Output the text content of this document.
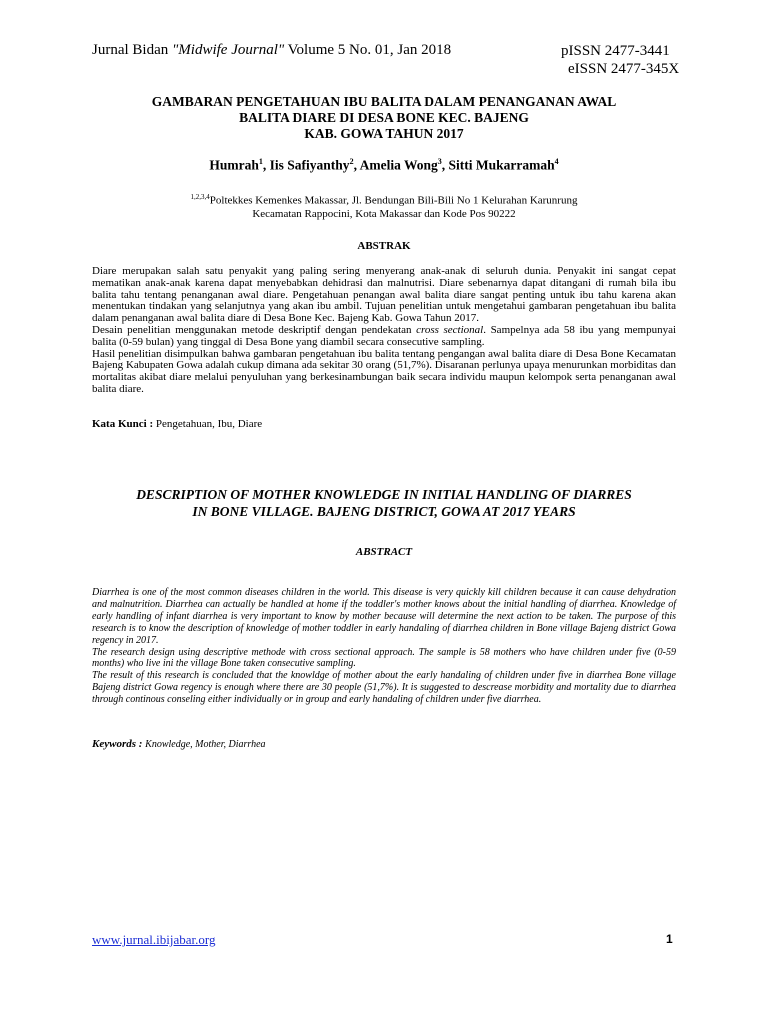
Jurnal Bidan "Midwife Journal" Volume 5 No. 01, Jan 2018	pISSN 2477-3441
eISSN 2477-345X
GAMBARAN PENGETAHUAN IBU BALITA DALAM PENANGANAN AWAL
BALITA DIARE DI DESA BONE KEC. BAJENG
KAB. GOWA TAHUN 2017
Humrah$^1$, Iis Safiyanthy$^2$, Amelia Wong$^3$, Sitti Mukarramah$^4$
$^{1,2,3,4}$Poltekkes Kemenkes Makassar, Jl. Bendungan Bili-Bili No 1 Kelurahan Karunrung
Kecamatan Rappocini, Kota Makassar dan Kode Pos 90222
ABSTRAK

Diare merupakan salah satu penyakit yang paling sering menyerang anak-anak di seluruh dunia. Penyakit ini sangat cepat mematikan anak-anak karena dapat menyebabkan dehidrasi dan malnutrisi. Diare sebenarnya dapat ditangani di rumah bila ibu balita tahu tentang penanganan awal diare. Pengetahuan penangan awal balita diare sangat penting untuk ibu tahu karena akan menentukan tindakan yang selanjutnya yang akan ibu ambil. Tujuan penelitian untuk mengetahui gambaran pengetahuan ibu balita dalam penanganan awal balita diare di Desa Bone Kec. Bajeng Kab. Gowa Tahun 2017.

Desain penelitian menggunakan metode deskriptif dengan pendekatan cross sectional. Sampelnya ada 58 ibu yang mempunyai balita (0-59 bulan) yang tinggal di Desa Bone yang diambil secara consecutive sampling.

Hasil penelitian disimpulkan bahwa gambaran pengetahuan ibu balita tentang pengangan awal balita diare di Desa Bone Kecamatan Bajeng Kabupaten Gowa adalah cukup dimana ada sekitar 30 orang (51,7%). Disaranan perlunya upaya menurunkan morbiditas dan mortalitas akibat diare melalui penyuluhan yang berkesinambungan baik secara individu maupun kelompok serta penanganan awal balita diare.

Kata Kunci : Pengetahuan, Ibu, Diare
DESCRIPTION OF MOTHER KNOWLEDGE IN INITIAL HANDLING OF DIARRES
IN BONE VILLAGE. BAJENG DISTRICT, GOWA AT 2017 YEARS
ABSTRACT

Diarrhea is one of the most common diseases children in the world. This disease is very quickly kill children because it can cause dehydration and malnutrition. Diarrhea can actually be handled at home if the toddler's mother knows about the initial handling of diarrhea. Knowledge of early handling of infant diarrhea is very important to know by mother because will determine the next action to be taken. The purpose of this research is to know the description of knowledge of mother toddler in early handaling of diarrhea children in Bone village Bajeng district Gowa regency in 2017.

The research design using descriptive methode with cross sectional approach. The sample is 58 mothers who have children under five (0-59 months) who live ini the village Bone taken consecutive sampling.

The result of this research is concluded that the knowldge of mother about the early handaling of children under five in diarrhea Bone village Bajeng district Gowa regency is enough where there are 30 people (51,7%). It is suggested to descrease morbidity and mortality due to diarrhea through continous conseling either individually or in group and early handaling of children under five diarrhea.

Keywords : Knowledge, Mother, Diarrhea
www.jurnal.ibijabar.org	1
